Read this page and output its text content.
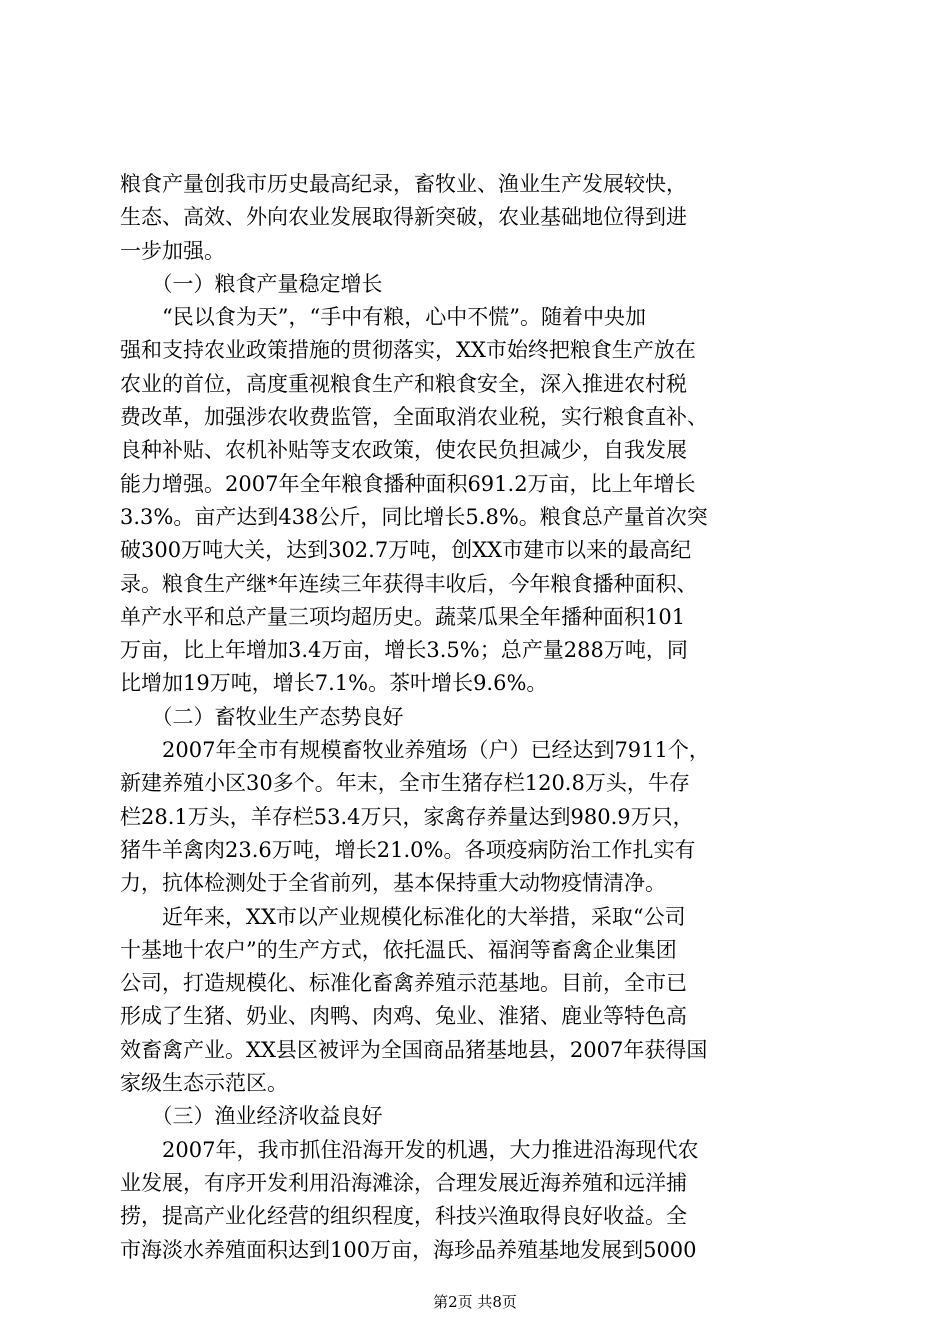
粮食产量创我市历史最高纪录，畜牧业、渔业生产发展较快，
生态、高效、外向农业发展取得新突破，农业基础地位得到进
一步加强。
　　（一）粮食产量稳定增长
　　“民以食为天”，“手中有粮，心中不慌”。随着中央加
强和支持农业政策措施的贯彻落实，XX市始终把粮食生产放在
农业的首位，高度重视粮食生产和粮食安全，深入推进农村税
费改革，加强涉农收费监管，全面取消农业税，实行粮食直补、
良种补贴、农机补贴等支农政策，使农民负担减少，自我发展
能力增强。2007年全年粮食播种面积691.2万亩，比上年增长
3.3%。亩产达到438公斤，同比增长5.8%。粮食总产量首次突
破300万吨大关，达到302.7万吨，创XX市建市以来的最高纪
录。粮食生产继*年连续三年获得丰收后，今年粮食播种面积、
单产水平和总产量三项均超历史。蔬菜瓜果全年播种面积101
万亩，比上年增加3.4万亩，增长3.5%；总产量288万吨，同
比增加19万吨，增长7.1%。茶叶增长9.6%。
　　（二）畜牧业生产态势良好
　　2007年全市有规模畜牧业养殖场（户）已经达到7911个，
新建养殖小区30多个。年末，全市生猪存栏120.8万头，牛存
栏28.1万头，羊存栏53.4万只，家禽存养量达到980.9万只，
猪牛羊禽肉23.6万吨，增长21.0%。各项疫病防治工作扎实有
力，抗体检测处于全省前列，基本保持重大动物疫情清净。
　　近年来，XX市以产业规模化标准化的大举措，采取“公司
十基地十农户”的生产方式，依托温氏、福润等畜禽企业集团
公司，打造规模化、标准化畜禽养殖示范基地。目前，全市已
形成了生猪、奶业、肉鸭、肉鸡、兔业、淮猪、鹿业等特色高
效畜禽产业。XX县区被评为全国商品猪基地县，2007年获得国
家级生态示范区。
　　（三）渔业经济收益良好
　　2007年，我市抓住沿海开发的机遇，大力推进沿海现代农
业发展，有序开发利用沿海滩涂，合理发展近海养殖和远洋捕
捞，提高产业化经营的组织程度，科技兴渔取得良好收益。全
市海淡水养殖面积达到100万亩，海珍品养殖基地发展到5000
第2页 共8页
